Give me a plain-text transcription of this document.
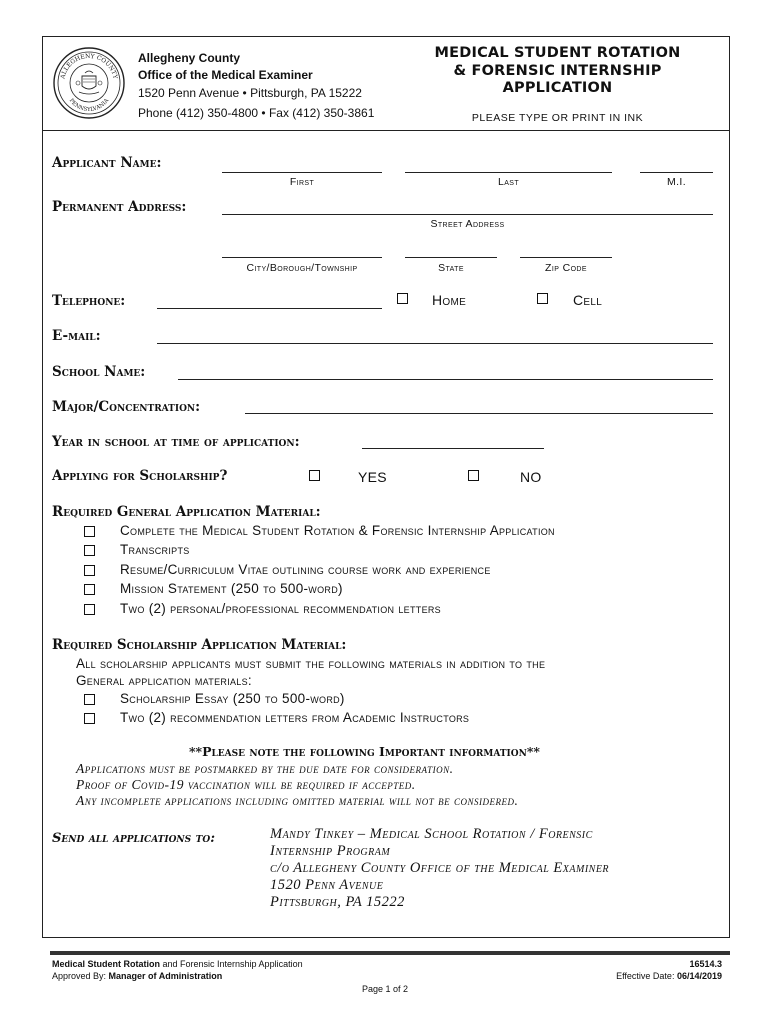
ALLEGHENY COUNTY
PENNSYLVANIA
Allegheny County
Office of the Medical Examiner
1520 Penn Avenue • Pittsburgh, PA 15222
Phone (412) 350-4800 • Fax (412) 350-3861
MEDICAL STUDENT ROTATION
& FORENSIC INTERNSHIP
APPLICATION
PLEASE TYPE OR PRINT IN INK
Applicant Name:
First	Last	M.I.
Permanent Address:
Street Address
City/Borough/Township	State	Zip Code
Telephone:	Home	Cell
E-mail:
School Name:
Major/Concentration:
Year in school at time of application:
Applying for Scholarship?	YES	NO
Required General Application Material:
Complete the Medical Student Rotation & Forensic Internship Application
Transcripts
Resume/Curriculum Vitae outlining course work and experience
Mission Statement (250 to 500-word)
Two (2) personal/professional recommendation letters
Required Scholarship Application Material:
All scholarship applicants must submit the following materials in addition to the
General application materials:
Scholarship Essay (250 to 500-word)
Two (2) recommendation letters from Academic Instructors
**Please note the following Important information**
Applications must be postmarked by the due date for consideration.
Proof of Covid-19 vaccination will be required if accepted.
Any incomplete applications including omitted material will not be considered.
Send all applications to:	Mandy Tinkey – Medical School Rotation / Forensic
Internship Program
c/o Allegheny County Office of the Medical Examiner
1520 Penn Avenue
Pittsburgh, PA 15222
Medical Student Rotation and Forensic Internship Application
Approved By: Manager of Administration
16514.3
Effective Date: 06/14/2019
Page 1 of 2
